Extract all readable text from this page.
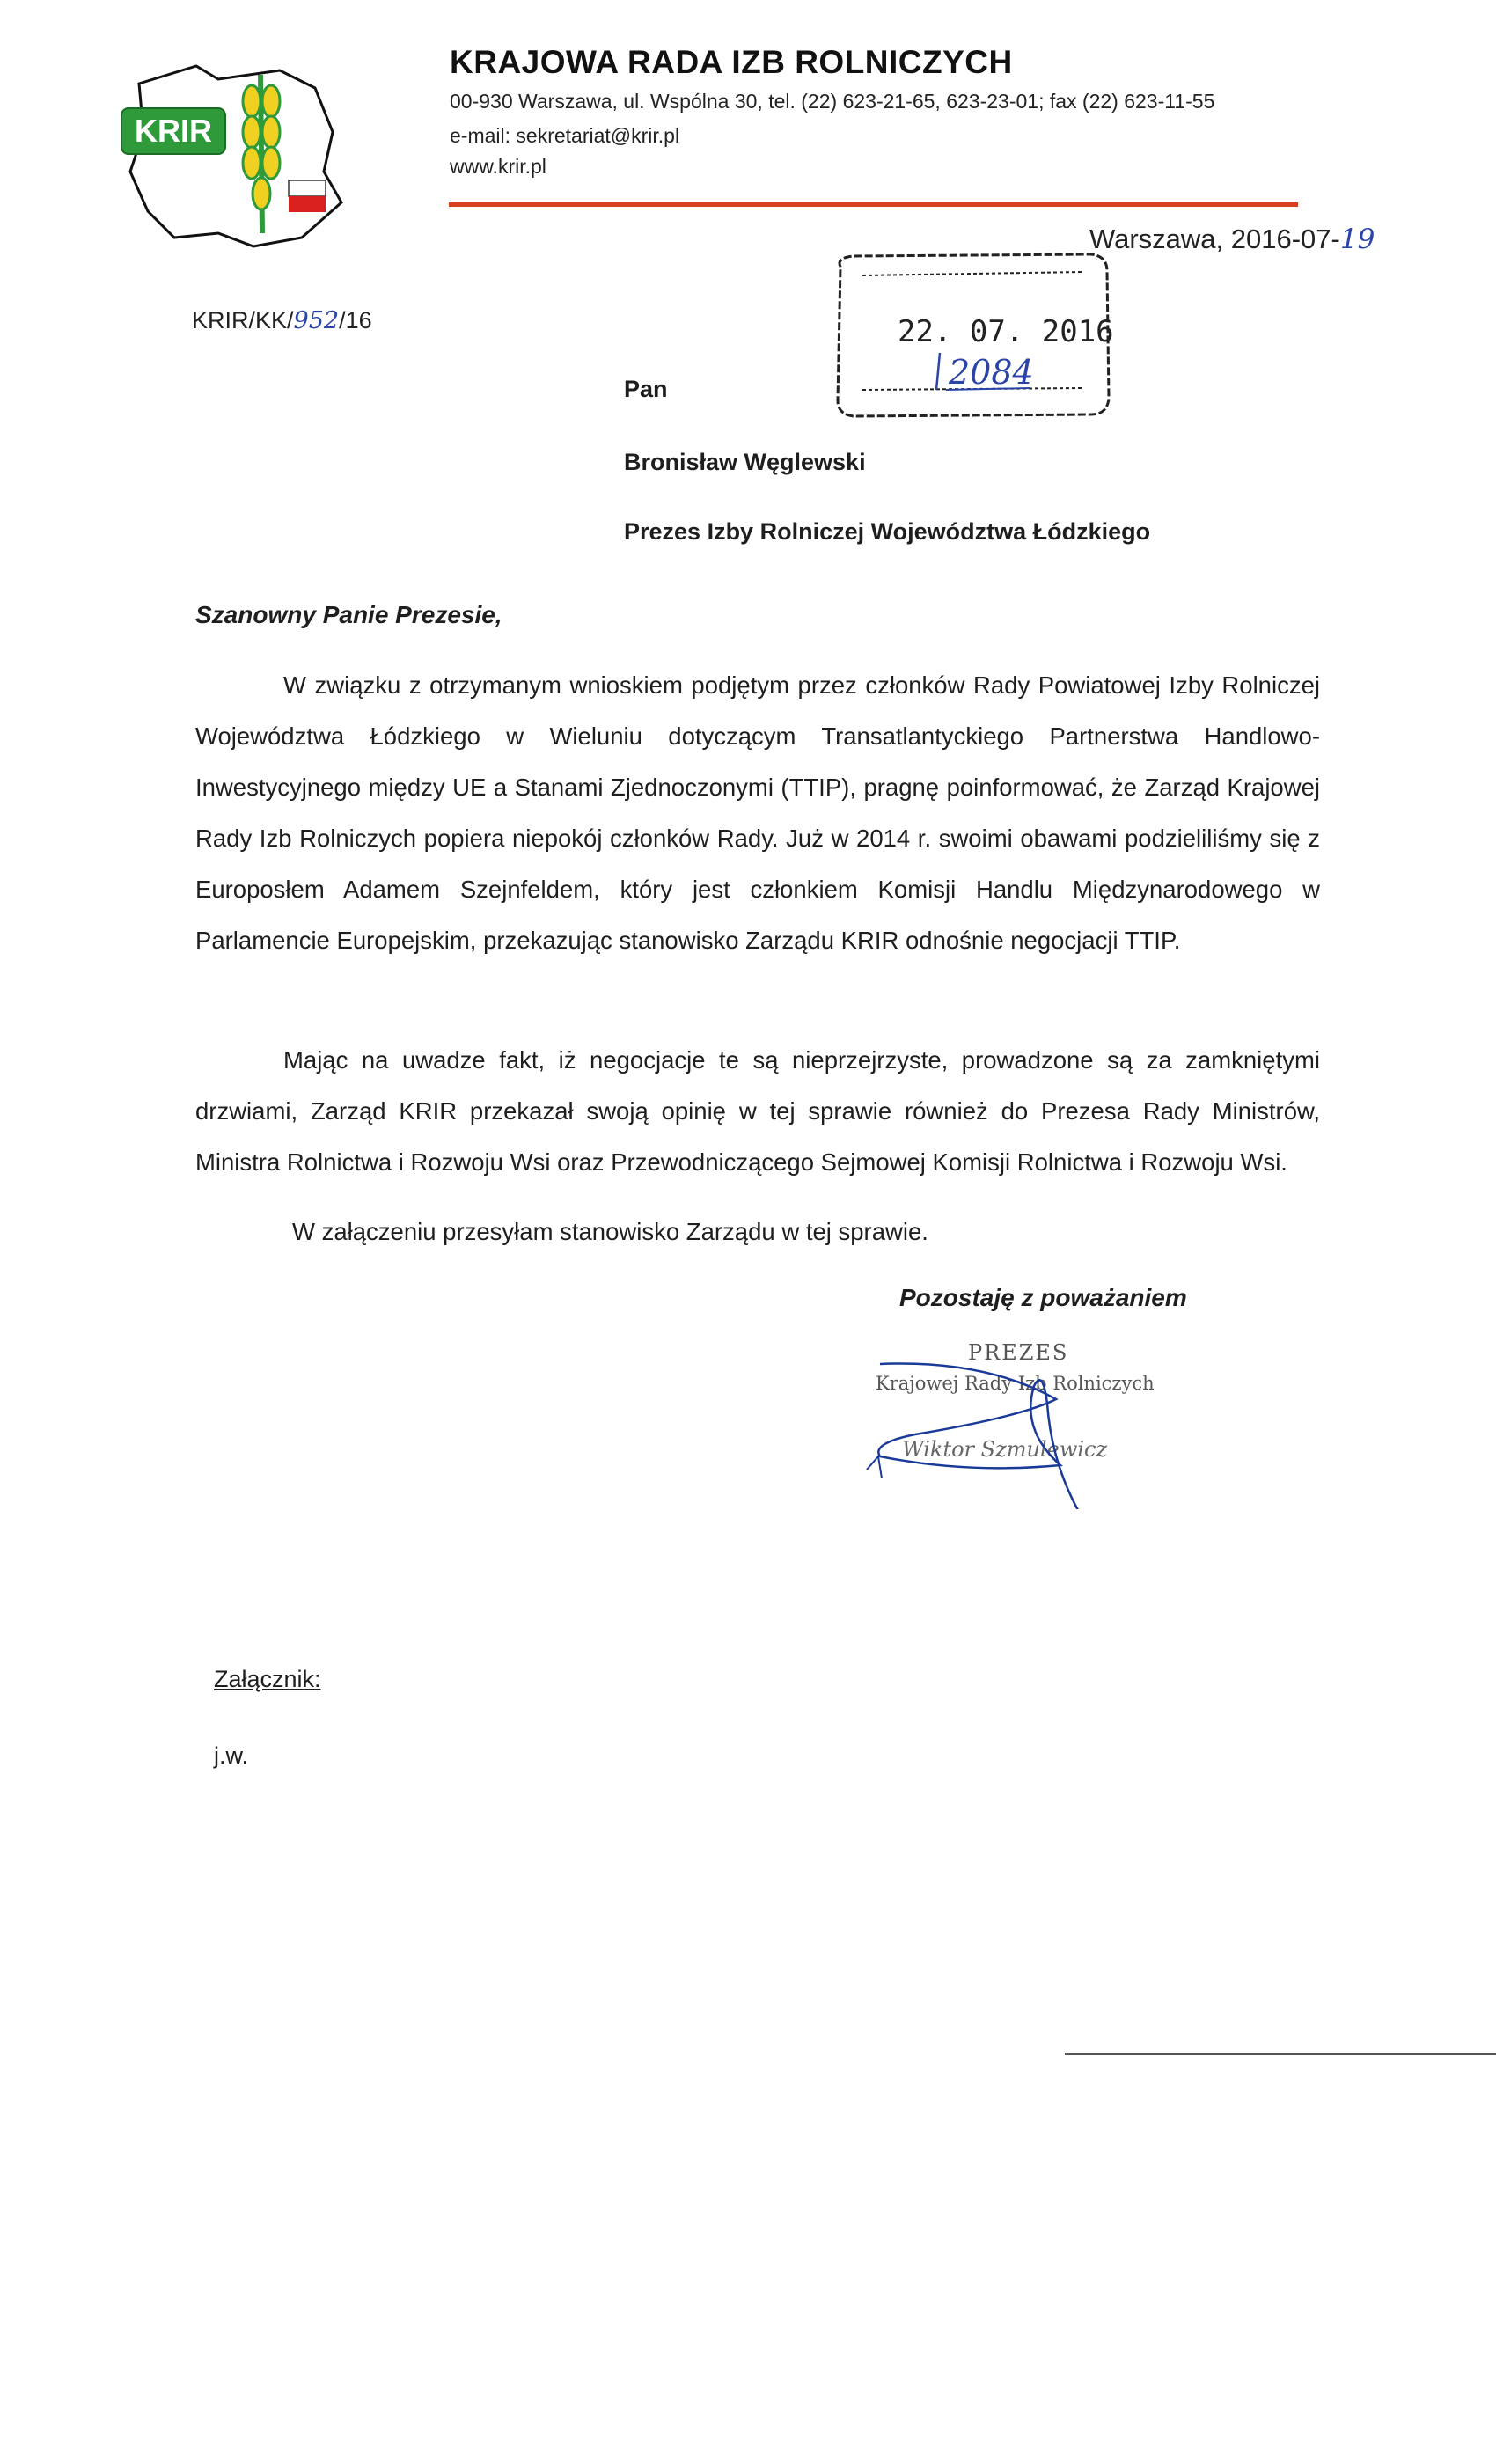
KRIR
KRAJOWA RADA IZB ROLNICZYCH
00-930 Warszawa, ul. Wspólna 30, tel. (22) 623-21-65, 623-23-01; fax (22) 623-11-55
e-mail: sekretariat@krir.pl
www.krir.pl
Warszawa, 2016-07-19
KRIR/KK/952/16	22. 07. 2016
2084
Pan
Bronisław Węglewski
Prezes Izby Rolniczej Województwa Łódzkiego
Szanowny Panie Prezesie,

W związku z otrzymanym wnioskiem podjętym przez członków Rady Powiatowej Izby Rolniczej Województwa Łódzkiego w Wieluniu dotyczącym Transatlantyckiego Partnerstwa Handlowo-Inwestycyjnego między UE a Stanami Zjednoczonymi (TTIP), pragnę poinformować, że Zarząd Krajowej Rady Izb Rolniczych popiera niepokój członków Rady. Już w 2014 r. swoimi obawami podzieliliśmy się z Europosłem Adamem Szejnfeldem, który jest członkiem Komisji Handlu Międzynarodowego w Parlamencie Europejskim, przekazując stanowisko Zarządu KRIR odnośnie negocjacji TTIP.

Mając na uwadze fakt, iż negocjacje te są nieprzejrzyste, prowadzone są za zamkniętymi drzwiami, Zarząd KRIR przekazał swoją opinię w tej sprawie również do Prezesa Rady Ministrów, Ministra Rolnictwa i Rozwoju Wsi oraz Przewodniczącego Sejmowej Komisji Rolnictwa i Rozwoju Wsi.

W załączeniu przesyłam stanowisko Zarządu w tej sprawie.

Pozostaję z poważaniem
PREZES
Krajowej Rady Izb Rolniczych
Wiktor Szmulewicz
Załącznik:
j.w.
